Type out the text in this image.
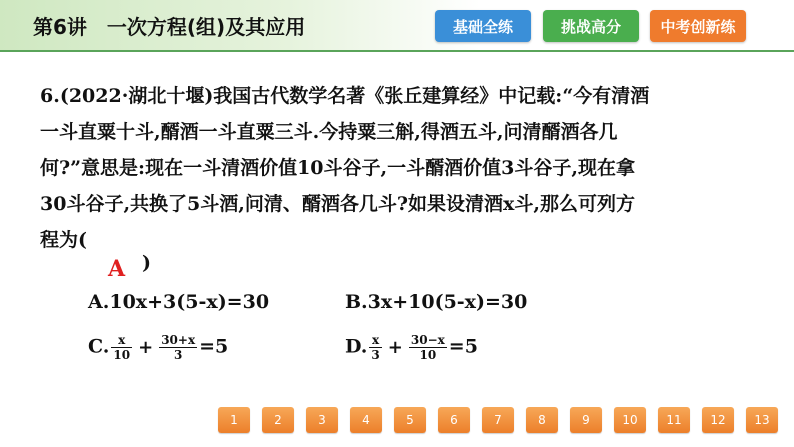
第6讲　一次方程(组)及其应用	基础全练	挑战高分	中考创新练
6.(2022·湖北十堰)我国古代数学名著《张丘建算经》中记载:“今有清酒
一斗直粟十斗,醑酒一斗直粟三斗.今持粟三斛,得酒五斗,问清醑酒各几
何?”意思是:现在一斗清酒价值10斗谷子,一斗醑酒价值3斗谷子,现在拿
30斗谷子,共换了5斗酒,问清、醑酒各几斗?如果设清酒x斗,那么可列方
程为(
A )
A.10x+3(5-x)=30	B.3x+10(5-x)=30
C. $\frac{x}{10} + \frac{30+x}{3} =5$	D. $\frac{x}{3} + \frac{30-x}{10} =5$
1	2	3	4	5	6	7	8	9	10	11	12	13
